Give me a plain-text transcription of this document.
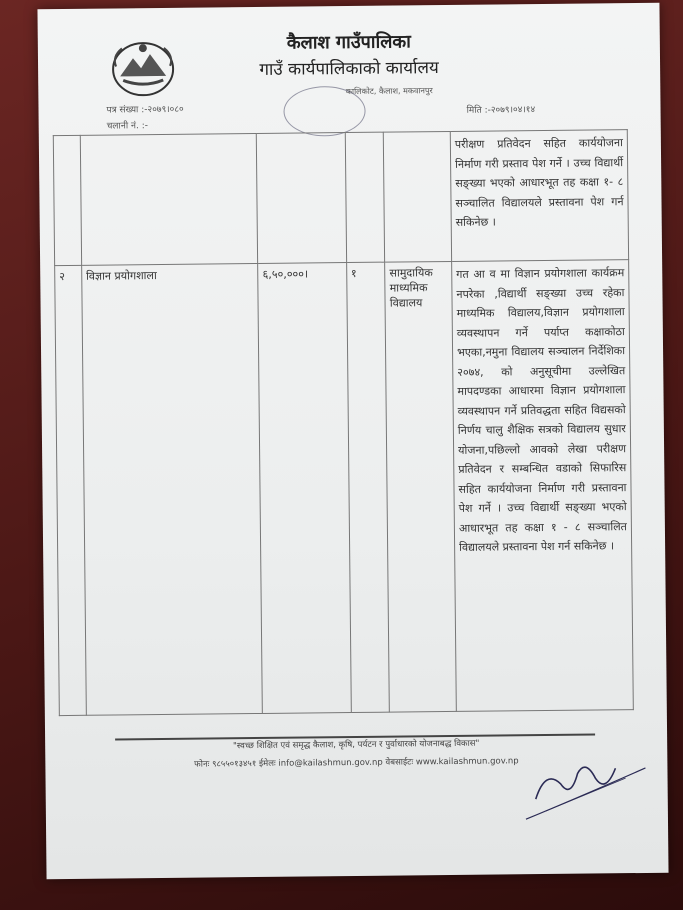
कैलाश गाउँपालिका
गाउँ कार्यपालिकाको कार्यालय
कालिकोट, कैलाश, मकवानपुर
पत्र संख्या :-२०७९।०८०
चलानी नं. :-
मिति :-२०७९।०४।१४
					परीक्षण प्रतिवेदन सहित कार्ययोजना निर्माण गरी प्रस्ताव पेश गर्ने । उच्च विद्यार्थी सङ्ख्या भएको आधारभूत तह कक्षा १- ८ सञ्चालित विद्यालयले प्रस्तावना पेश गर्न सकिनेछ ।
२	विज्ञान प्रयोगशाला	६,५०,०००।	१	सामुदायिक माध्यमिक विद्यालय	गत आ व मा विज्ञान प्रयोगशाला कार्यक्रम नपरेका ,विद्यार्थी सङ्ख्या उच्च रहेका माध्यमिक विद्यालय,विज्ञान प्रयोगशाला व्यवस्थापन गर्ने पर्याप्त कक्षाकोठा भएका,नमुना विद्यालय सञ्चालन निर्देशिका २०७४, को अनुसूचीमा उल्लेखित मापदण्डका आधारमा विज्ञान प्रयोगशाला व्यवस्थापन गर्ने प्रतिवद्धता सहित विद्यसको निर्णय चालु शैक्षिक सत्रको विद्यालय सुधार योजना,पछिल्लो आवको लेखा परीक्षण प्रतिवेदन र सम्बन्धित वडाको सिफारिस सहित कार्ययोजना निर्माण गरी प्रस्तावना पेश गर्ने । उच्च विद्यार्थी सङ्ख्या भएको आधारभूत तह कक्षा १ - ८ सञ्चालित विद्यालयले प्रस्तावना पेश गर्न सकिनेछ ।
"स्वच्छ शिक्षित एवं समृद्ध कैलाश, कृषि, पर्यटन र पुर्वाधारको योजनाबद्ध विकास"
फोनः ९८५५०१३४५१ ईमेलः info@kailashmun.gov.np वेबसाईटः www.kailashmun.gov.np
